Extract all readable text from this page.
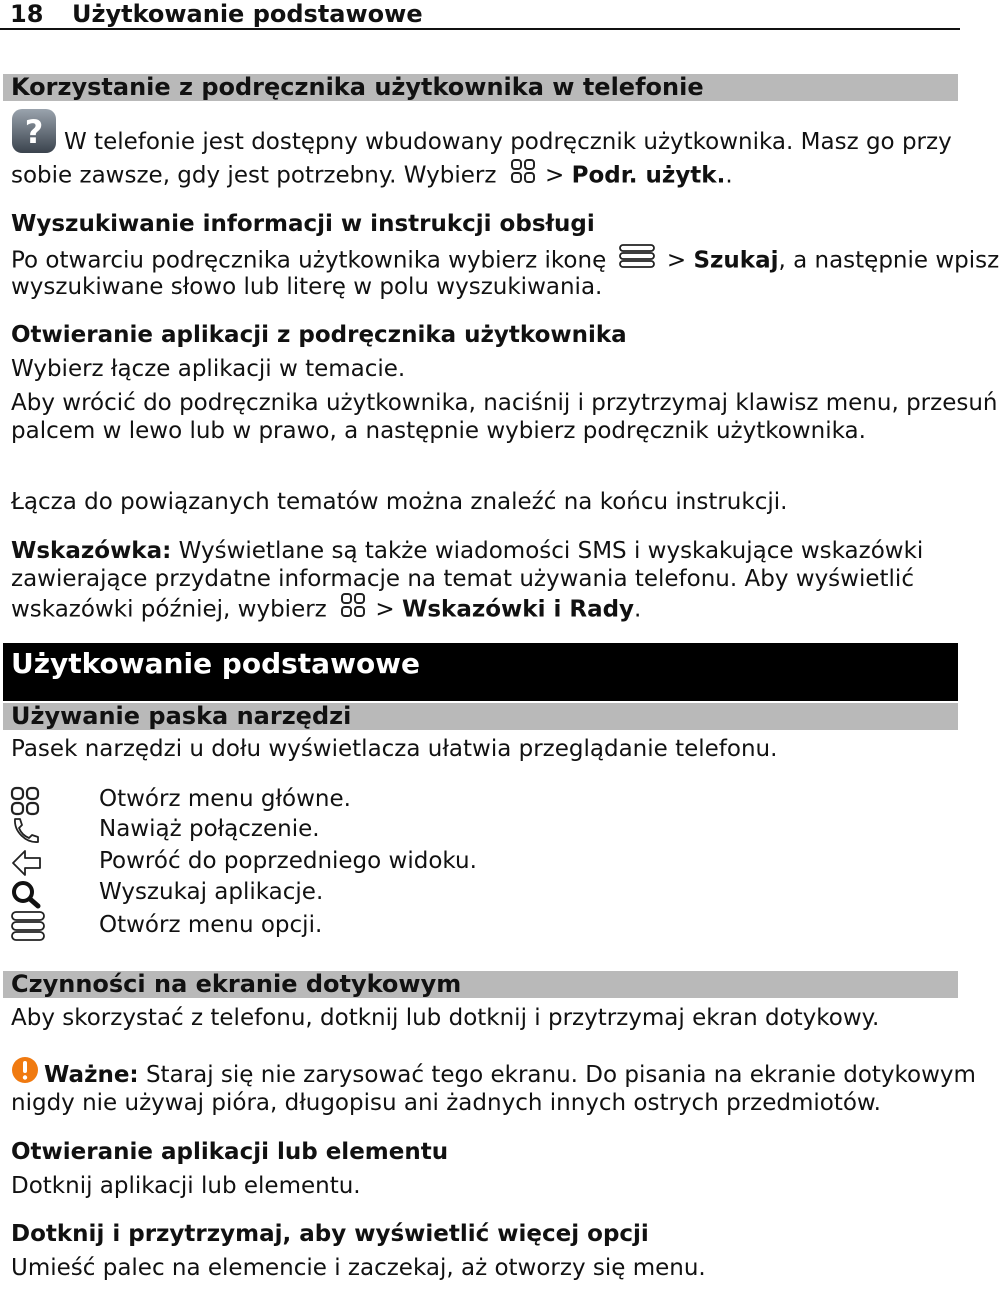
18 Użytkowanie podstawowe
Korzystanie z podręcznika użytkownika w telefonie
? W telefonie jest dostępny wbudowany podręcznik użytkownika. Masz go przy
sobie zawsze, gdy jest potrzebny. Wybierz  > Podr. użytk..
Wyszukiwanie informacji w instrukcji obsługi
Po otwarciu podręcznika użytkownika wybierz ikonę  > Szukaj, a następnie wpisz
wyszukiwane słowo lub literę w polu wyszukiwania.
Otwieranie aplikacji z podręcznika użytkownika
Wybierz łącze aplikacji w temacie.
Aby wrócić do podręcznika użytkownika, naciśnij i przytrzymaj klawisz menu, przesuń
palcem w lewo lub w prawo, a następnie wybierz podręcznik użytkownika.
Łącza do powiązanych tematów można znaleźć na końcu instrukcji.
Wskazówka: Wyświetlane są także wiadomości SMS i wyskakujące wskazówki
zawierające przydatne informacje na temat używania telefonu. Aby wyświetlić
wskazówki później, wybierz  > Wskazówki i Rady.
Użytkowanie podstawowe
Używanie paska narzędzi
Pasek narzędzi u dołu wyświetlacza ułatwia przeglądanie telefonu.
Otwórz menu główne.
Nawiąż połączenie.
Powróć do poprzedniego widoku.
Wyszukaj aplikacje.
Otwórz menu opcji.
Czynności na ekranie dotykowym
Aby skorzystać z telefonu, dotknij lub dotknij i przytrzymaj ekran dotykowy.
Ważne: Staraj się nie zarysować tego ekranu. Do pisania na ekranie dotykowym
nigdy nie używaj pióra, długopisu ani żadnych innych ostrych przedmiotów.
Otwieranie aplikacji lub elementu
Dotknij aplikacji lub elementu.
Dotknij i przytrzymaj, aby wyświetlić więcej opcji
Umieść palec na elemencie i zaczekaj, aż otworzy się menu.
